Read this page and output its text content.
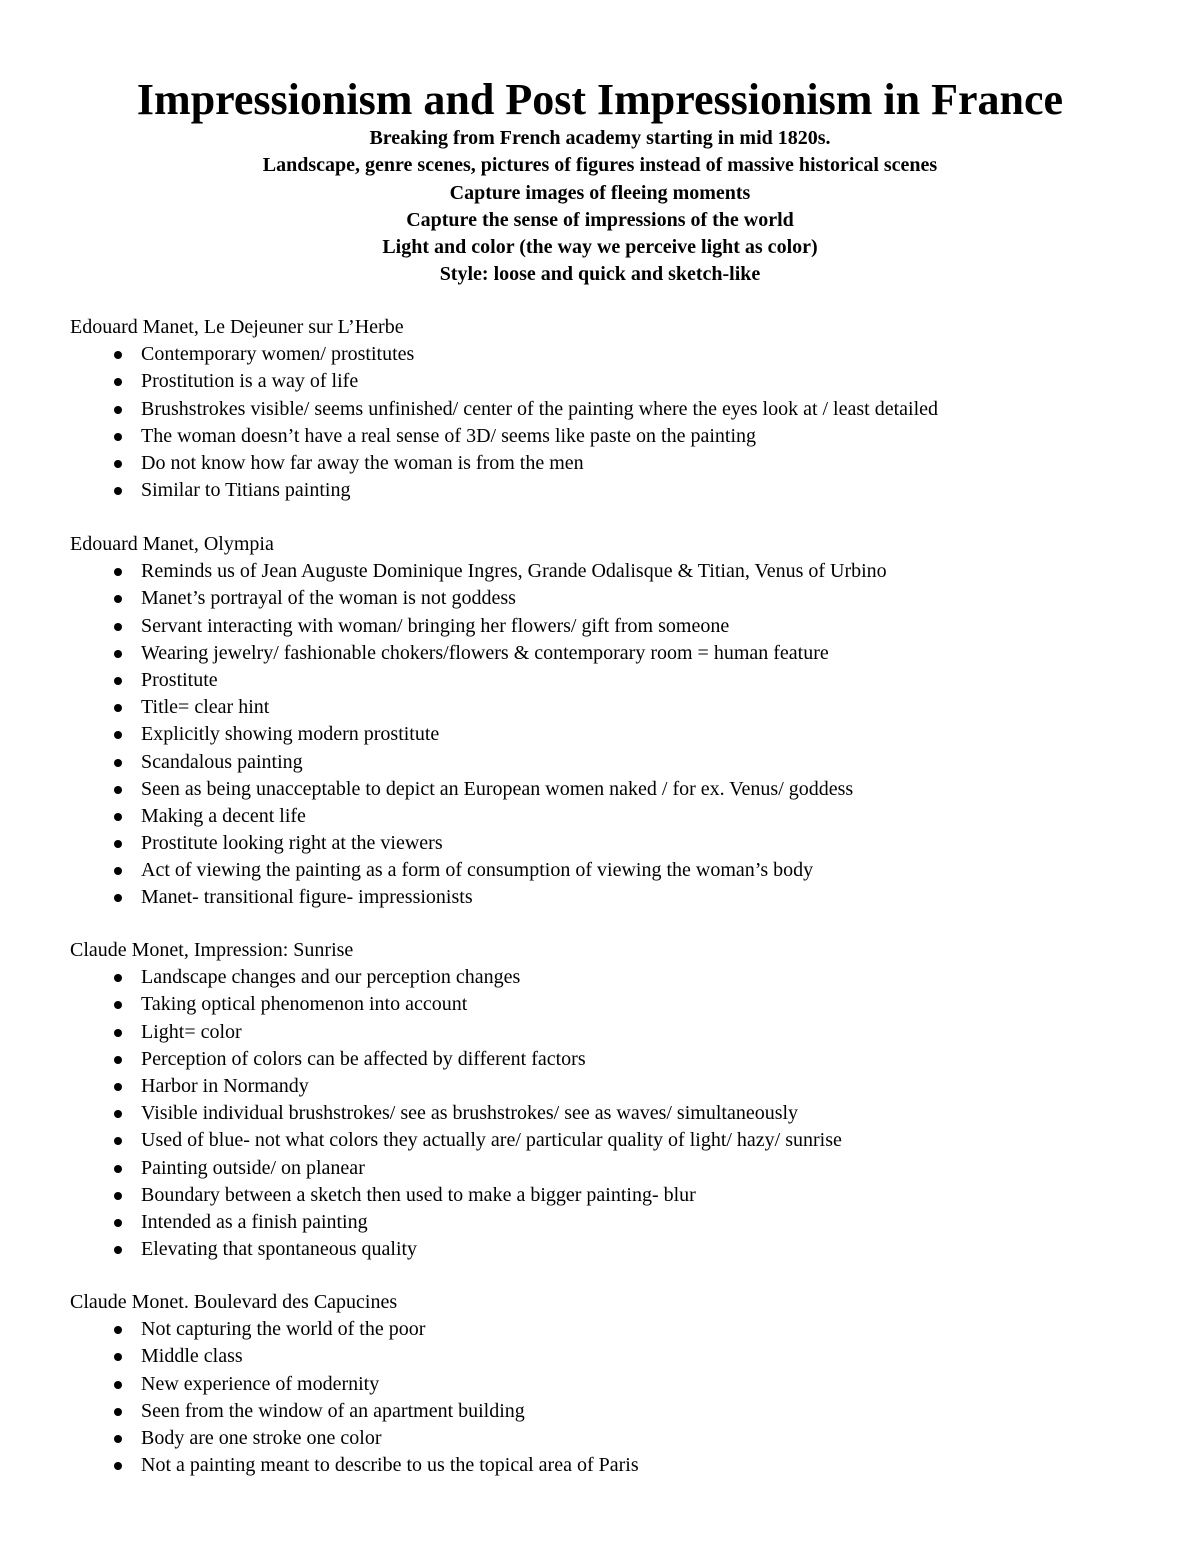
Impressionism and Post Impressionism in France
Breaking from French academy starting in mid 1820s.
Landscape, genre scenes, pictures of figures instead of massive historical scenes
Capture images of fleeing moments
Capture the sense of impressions of the world
Light and color (the way we perceive light as color)
Style: loose and quick and sketch-like

Edouard Manet, Le Dejeuner sur L’Herbe

Contemporary women/ prostitutes
Prostitution is a way of life
Brushstrokes visible/ seems unfinished/ center of the painting where the eyes look at / least detailed
The woman doesn’t have a real sense of 3D/ seems like paste on the painting
Do not know how far away the woman is from the men
Similar to Titians painting

Edouard Manet, Olympia

Reminds us of Jean Auguste Dominique Ingres, Grande Odalisque & Titian, Venus of Urbino
Manet’s portrayal of the woman is not goddess
Servant interacting with woman/ bringing her flowers/ gift from someone
Wearing jewelry/ fashionable chokers/flowers & contemporary room = human feature
Prostitute
Title= clear hint
Explicitly showing modern prostitute
Scandalous painting
Seen as being unacceptable to depict an European women naked / for ex. Venus/ goddess
Making a decent life
Prostitute looking right at the viewers
Act of viewing the painting as a form of consumption of viewing the woman’s body
Manet- transitional figure- impressionists

Claude Monet, Impression: Sunrise

Landscape changes and our perception changes
Taking optical phenomenon into account
Light= color
Perception of colors can be affected by different factors
Harbor in Normandy
Visible individual brushstrokes/ see as brushstrokes/ see as waves/ simultaneously
Used of blue- not what colors they actually are/ particular quality of light/ hazy/ sunrise
Painting outside/ on planear
Boundary between a sketch then used to make a bigger painting- blur
Intended as a finish painting
Elevating that spontaneous quality

Claude Monet. Boulevard des Capucines

Not capturing the world of the poor
Middle class
New experience of modernity
Seen from the window of an apartment building
Body are one stroke one color
Not a painting meant to describe to us the topical area of Paris
